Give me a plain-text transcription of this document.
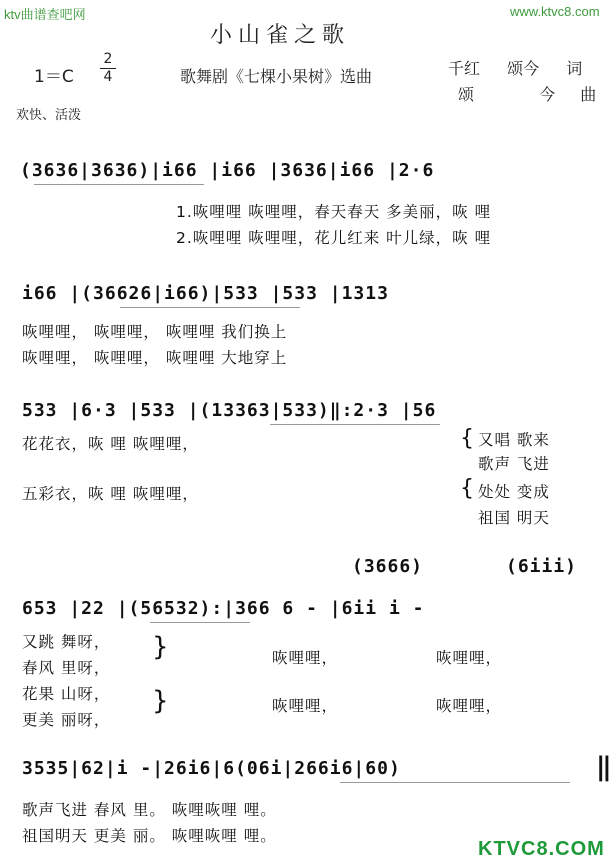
ktv曲谱查吧网	www.ktvc8.com
KTVC8.COM
小山雀之歌
1＝C
2
4	歌舞剧《七棵小果树》选曲	千红 颂今 词
颂	今 曲
欢快、活泼
(3636|3636)|i66 |i66 |3636|i66 |2·6
1.咴哩哩 咴哩哩，春天春天 多美丽，咴 哩
2.咴哩哩 咴哩哩，花儿红来 叶儿绿，咴 哩
i66 |(36626|i66)|533 |533 |1313
咴哩哩， 咴哩哩， 咴哩哩 我们换上
咴哩哩， 咴哩哩， 咴哩哩 大地穿上
533 |6·3 |533 |(13363|533)‖:2·3 |56
花花衣，咴 哩 咴哩哩，
五彩衣，咴 哩 咴哩哩，
{ 又唱 歌来
歌声 飞进
{ 处处 变成
祖国 明天
(3666)	(6iii)
653 |22 |(56532):|366 6 - |6ii i -
又跳 舞呀，
春风 里呀，
花果 山呀，
更美 丽呀，
}
}
咴哩哩，	咴哩哩，
咴哩哩，	咴哩哩，
3535|62|i -|26i6|6(06i|266i6|60)	‖
歌声飞进 春风 里。 咴哩咴哩 哩。
祖国明天 更美 丽。 咴哩咴哩 哩。
